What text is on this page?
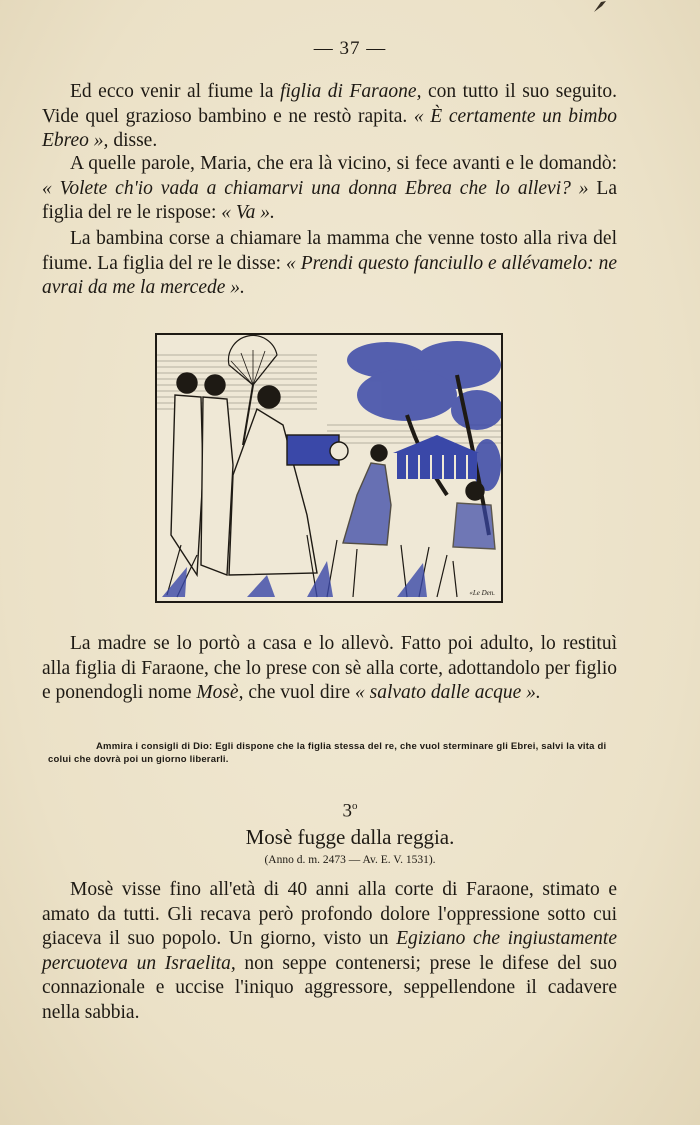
— 37 —

Ed ecco venir al fiume la figlia di Faraone, con tutto il suo seguito. Vide quel grazioso bambino e ne restò rapita. « È certamente un bimbo Ebreo », disse.

A quelle parole, Maria, che era là vicino, si fece avanti e le domandò: « Volete ch'io vada a chiamarvi una donna Ebrea che lo allevi? » La figlia del re le rispose: « Va ».

La bambina corse a chiamare la mamma che venne tosto alla riva del fiume. La figlia del re le disse: « Prendi questo fanciullo e allévamelo: ne avrai da me la mercede ».

«Le Den.

La madre se lo portò a casa e lo allevò. Fatto poi adulto, lo restituì alla figlia di Faraone, che lo prese con sè alla corte, adottandolo per figlio e ponendogli nome Mosè, che vuol dire « salvato dalle acque ».

Ammira i consigli di Dio: Egli dispone che la figlia stessa del re, che vuol sterminare gli Ebrei, salvi la vita di colui che dovrà poi un giorno liberarli.
3$^o$
Mosè fugge dalla reggia.
(Anno d. m. 2473 — Av. E. V. 1531).

Mosè visse fino all'età di 40 anni alla corte di Faraone, stimato e amato da tutti. Gli recava però profondo dolore l'oppressione sotto cui giaceva il suo popolo. Un giorno, visto un Egiziano che ingiustamente percuoteva un Israelita, non seppe contenersi; prese le difese del suo connazionale e uccise l'iniquo aggressore, seppellendone il cadavere nella sabbia.
